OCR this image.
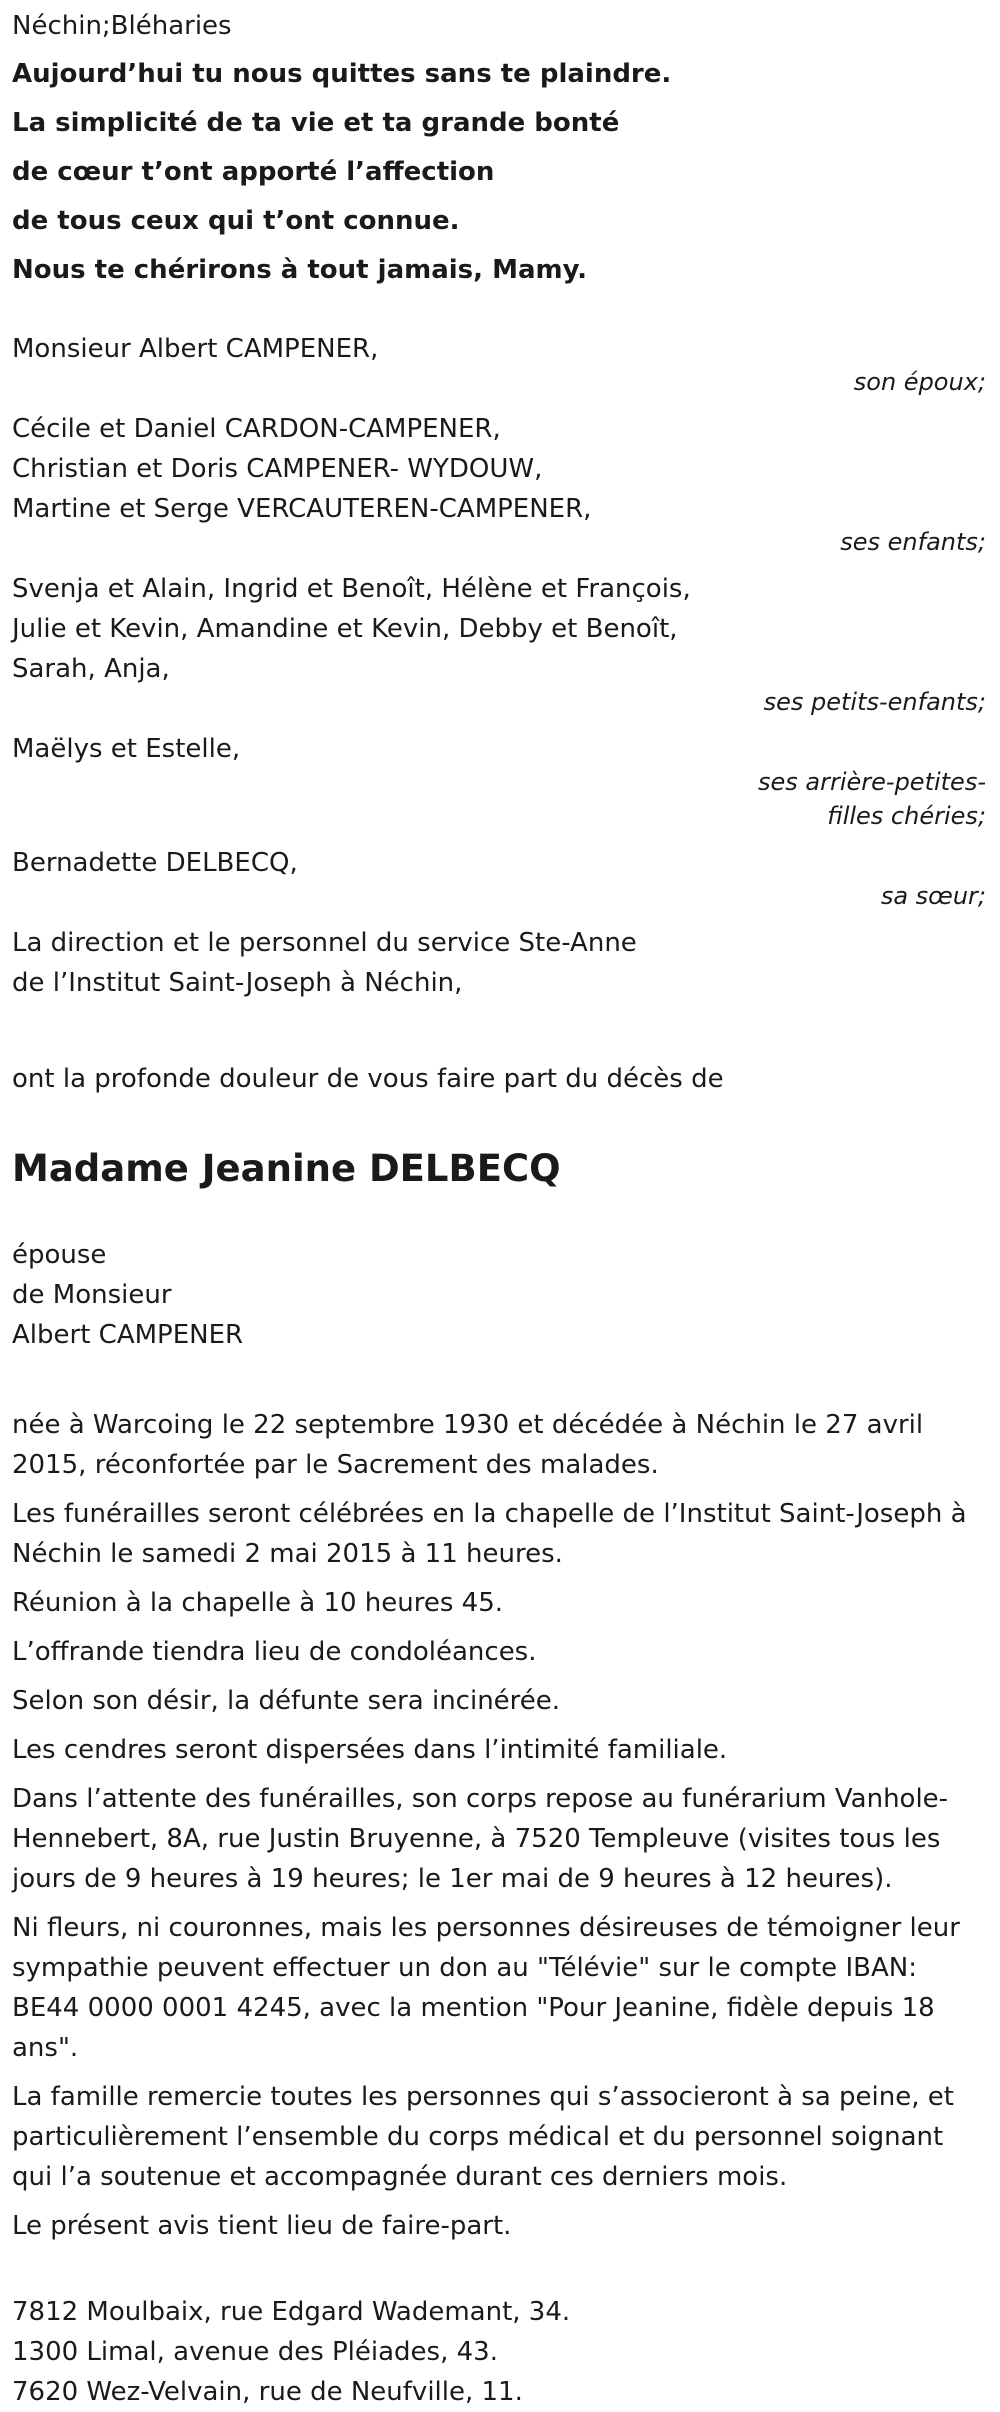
Néchin;Bléharies

Aujourd’hui tu nous quittes sans te plaindre.

La simplicité de ta vie et ta grande bonté

de cœur t’ont apporté l’affection

de tous ceux qui t’ont connue.

Nous te chérirons à tout jamais, Mamy.

Monsieur Albert CAMPENER,

son époux;

Cécile et Daniel CARDON-CAMPENER,

Christian et Doris CAMPENER- WYDOUW,

Martine et Serge VERCAUTEREN-CAMPENER,

ses enfants;

Svenja et Alain, Ingrid et Benoît, Hélène et François,

Julie et Kevin, Amandine et Kevin, Debby et Benoît,

Sarah, Anja,

ses petits-enfants;

Maëlys et Estelle,

ses arrière-petites-

filles chéries;

Bernadette DELBECQ,

sa sœur;

La direction et le personnel du service Ste-Anne

de l’Institut Saint-Joseph à Néchin,

ont la profonde douleur de vous faire part du décès de

Madame Jeanine DELBECQ

épouse

de Monsieur

Albert CAMPENER

née à Warcoing le 22 septembre 1930 et décédée à Néchin le 27 avril 2015, réconfortée par le Sacrement des malades.

Les funérailles seront célébrées en la chapelle de l’Institut Saint-Joseph à Néchin le samedi 2 mai 2015 à 11 heures.

Réunion à la chapelle à 10 heures 45.

L’offrande tiendra lieu de condoléances.

Selon son désir, la défunte sera incinérée.

Les cendres seront dispersées dans l’intimité familiale.

Dans l’attente des funérailles, son corps repose au funérarium Vanhole-Hennebert, 8A, rue Justin Bruyenne, à 7520 Templeuve (visites tous les jours de 9 heures à 19 heures; le 1er mai de 9 heures à 12 heures).

Ni fleurs, ni couronnes, mais les personnes désireuses de témoigner leur sympathie peuvent effectuer un don au "Télévie" sur le compte IBAN: BE44 0000 0001 4245, avec la mention "Pour Jeanine, fidèle depuis 18 ans".

La famille remercie toutes les personnes qui s’associeront à sa peine, et particulièrement l’ensemble du corps médical et du personnel soignant qui l’a soutenue et accompagnée durant ces derniers mois.

Le présent avis tient lieu de faire-part.

7812 Moulbaix, rue Edgard Wademant, 34.

1300 Limal, avenue des Pléiades, 43.

7620 Wez-Velvain, rue de Neufville, 11.
